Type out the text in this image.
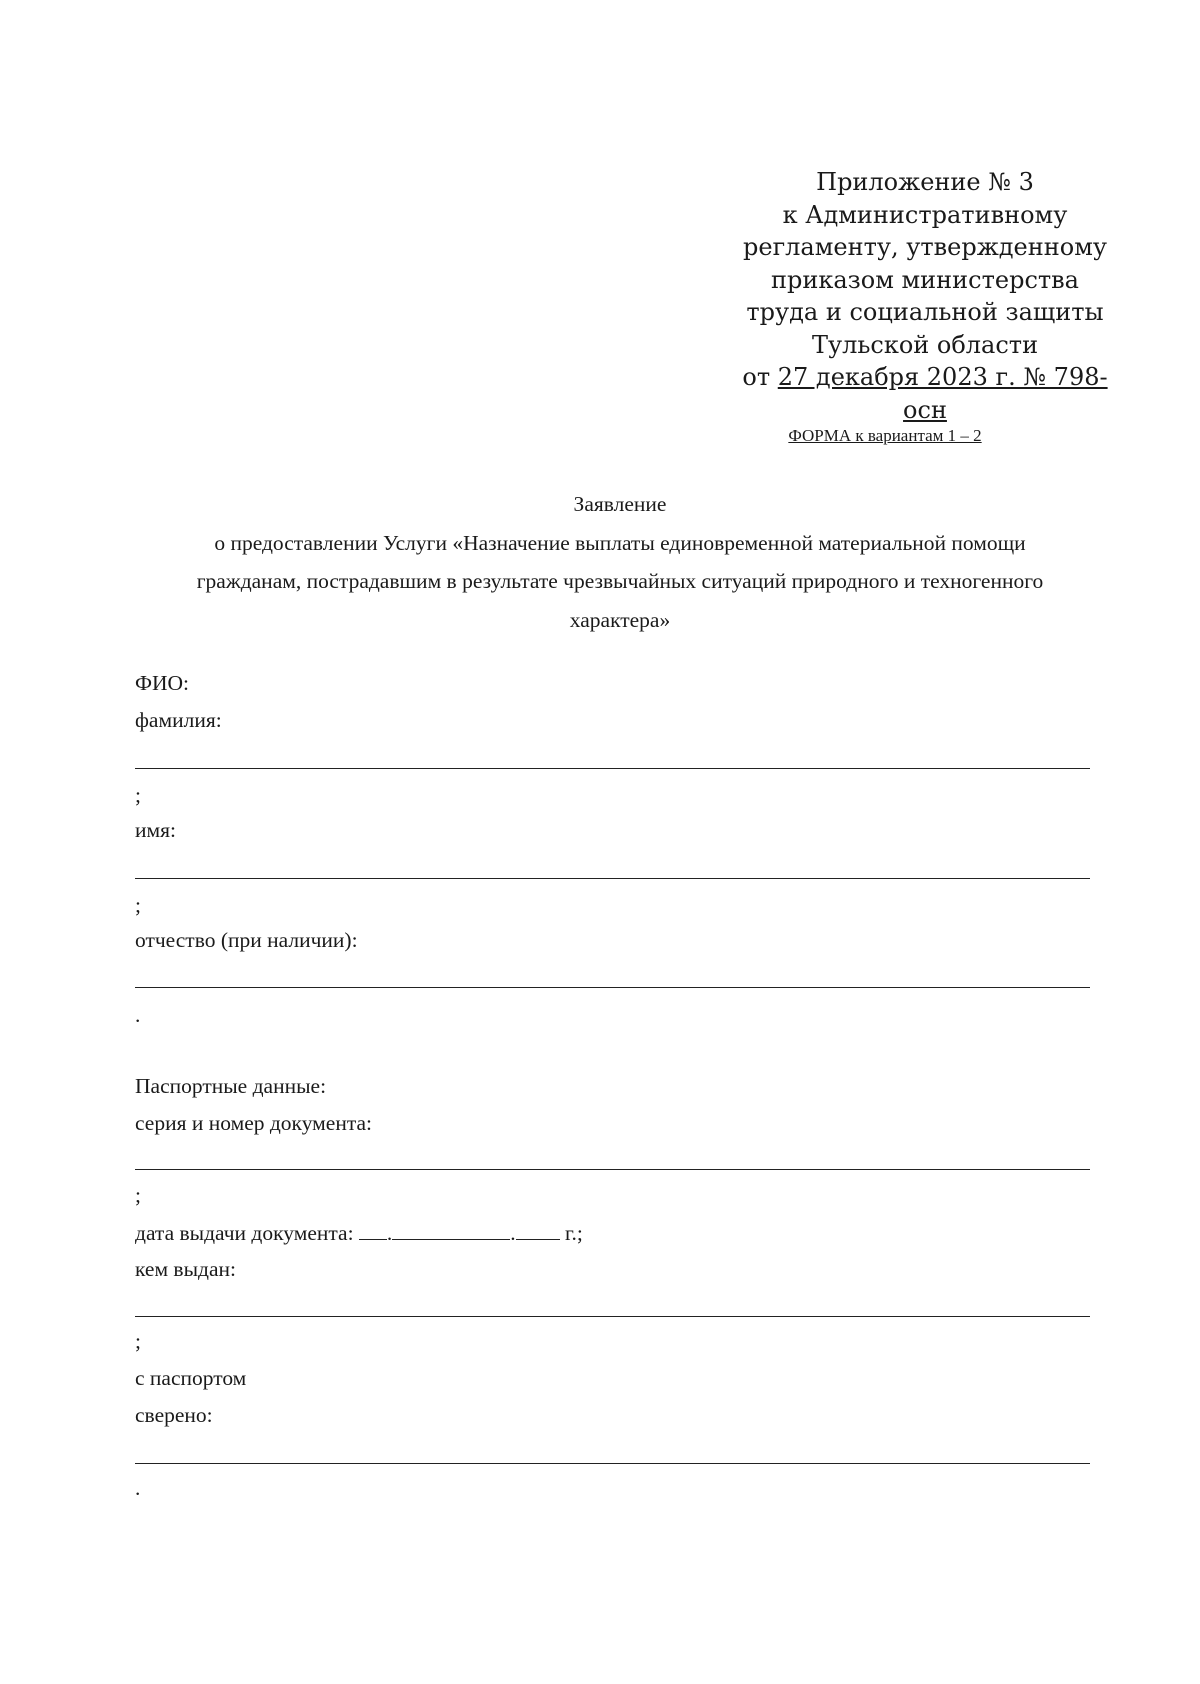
Приложение № 3
к Административному
регламенту, утвержденному
приказом министерства
труда и социальной защиты
Тульской области
от 27 декабря 2023 г. № 798-осн
ФОРМА к вариантам 1 – 2
Заявление
о предоставлении Услуги «Назначение выплаты единовременной материальной помощи
гражданам, пострадавшим в результате чрезвычайных ситуаций природного и техногенного
характера»
ФИО:
фамилия:
;
имя:
;
отчество (при наличии):
.
Паспортные данные:
серия и номер документа:
;
дата выдачи документа: .	. г.;
кем выдан:
;
с паспортом
сверено:
.
